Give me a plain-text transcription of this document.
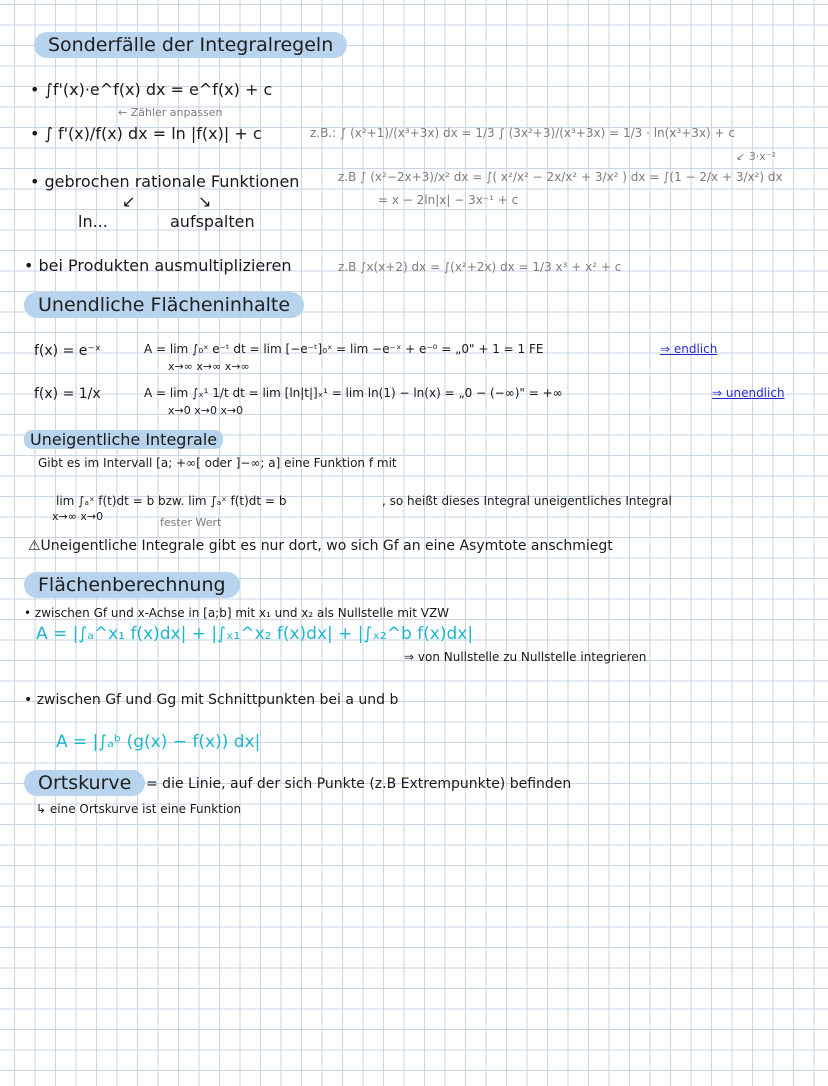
Sonderfälle der Integralregeln
• ∫f'(x)·e^f(x) dx = e^f(x) + c
← Zähler anpassen
• ∫ f'(x)/f(x) dx = ln |f(x)| + c	z.B.: ∫ (x²+1)/(x³+3x) dx = 1/3 ∫ (3x²+3)/(x³+3x) = 1/3 · ln(x³+3x) + c
↙ 3·x⁻²
• gebrochen rationale Funktionen	z.B ∫ (x²−2x+3)/x² dx = ∫( x²/x² − 2x/x² + 3/x² ) dx = ∫(1 − 2/x + 3/x²) dx
= x − 2ln|x| − 3x⁻¹ + c
↙	↘
ln...	aufspalten
• bei Produkten ausmultiplizieren	z.B ∫x(x+2) dx = ∫(x²+2x) dx = 1/3 x³ + x² + c
Unendliche Flächeninhalte
f(x) = e⁻ˣ	A = lim ∫₀ˣ e⁻ᵗ dt = lim [−e⁻ᵗ]₀ˣ = lim −e⁻ˣ + e⁻⁰ = „0" + 1 = 1 FE
x→∞ x→∞ x→∞
⇒ endlich
f(x) = 1/x	A = lim ∫ₓ¹ 1/t dt = lim [ln|t|]ₓ¹ = lim ln(1) − ln(x) = „0 − (−∞)" = +∞
x→0 x→0 x→0
⇒ unendlich
Uneigentliche Integrale
Gibt es im Intervall [a; +∞[ oder ]−∞; a] eine Funktion f mit
lim ∫ₐˣ f(t)dt = b bzw. lim ∫ₐˣ f(t)dt = b
x→∞ x→0
, so heißt dieses Integral uneigentliches Integral
fester Wert
⚠Uneigentliche Integrale gibt es nur dort, wo sich Gf an eine Asymtote anschmiegt
Flächenberechnung
• zwischen Gf und x-Achse in [a;b] mit x₁ und x₂ als Nullstelle mit VZW
A = |∫ₐ^x₁ f(x)dx| + |∫ₓ₁^x₂ f(x)dx| + |∫ₓ₂^b f(x)dx|
⇒ von Nullstelle zu Nullstelle integrieren
• zwischen Gf und Gg mit Schnittpunkten bei a und b
A = |∫ₐᵇ (g(x) − f(x)) dx|
Ortskurve	= die Linie, auf der sich Punkte (z.B Extrempunkte) befinden
↳ eine Ortskurve ist eine Funktion
